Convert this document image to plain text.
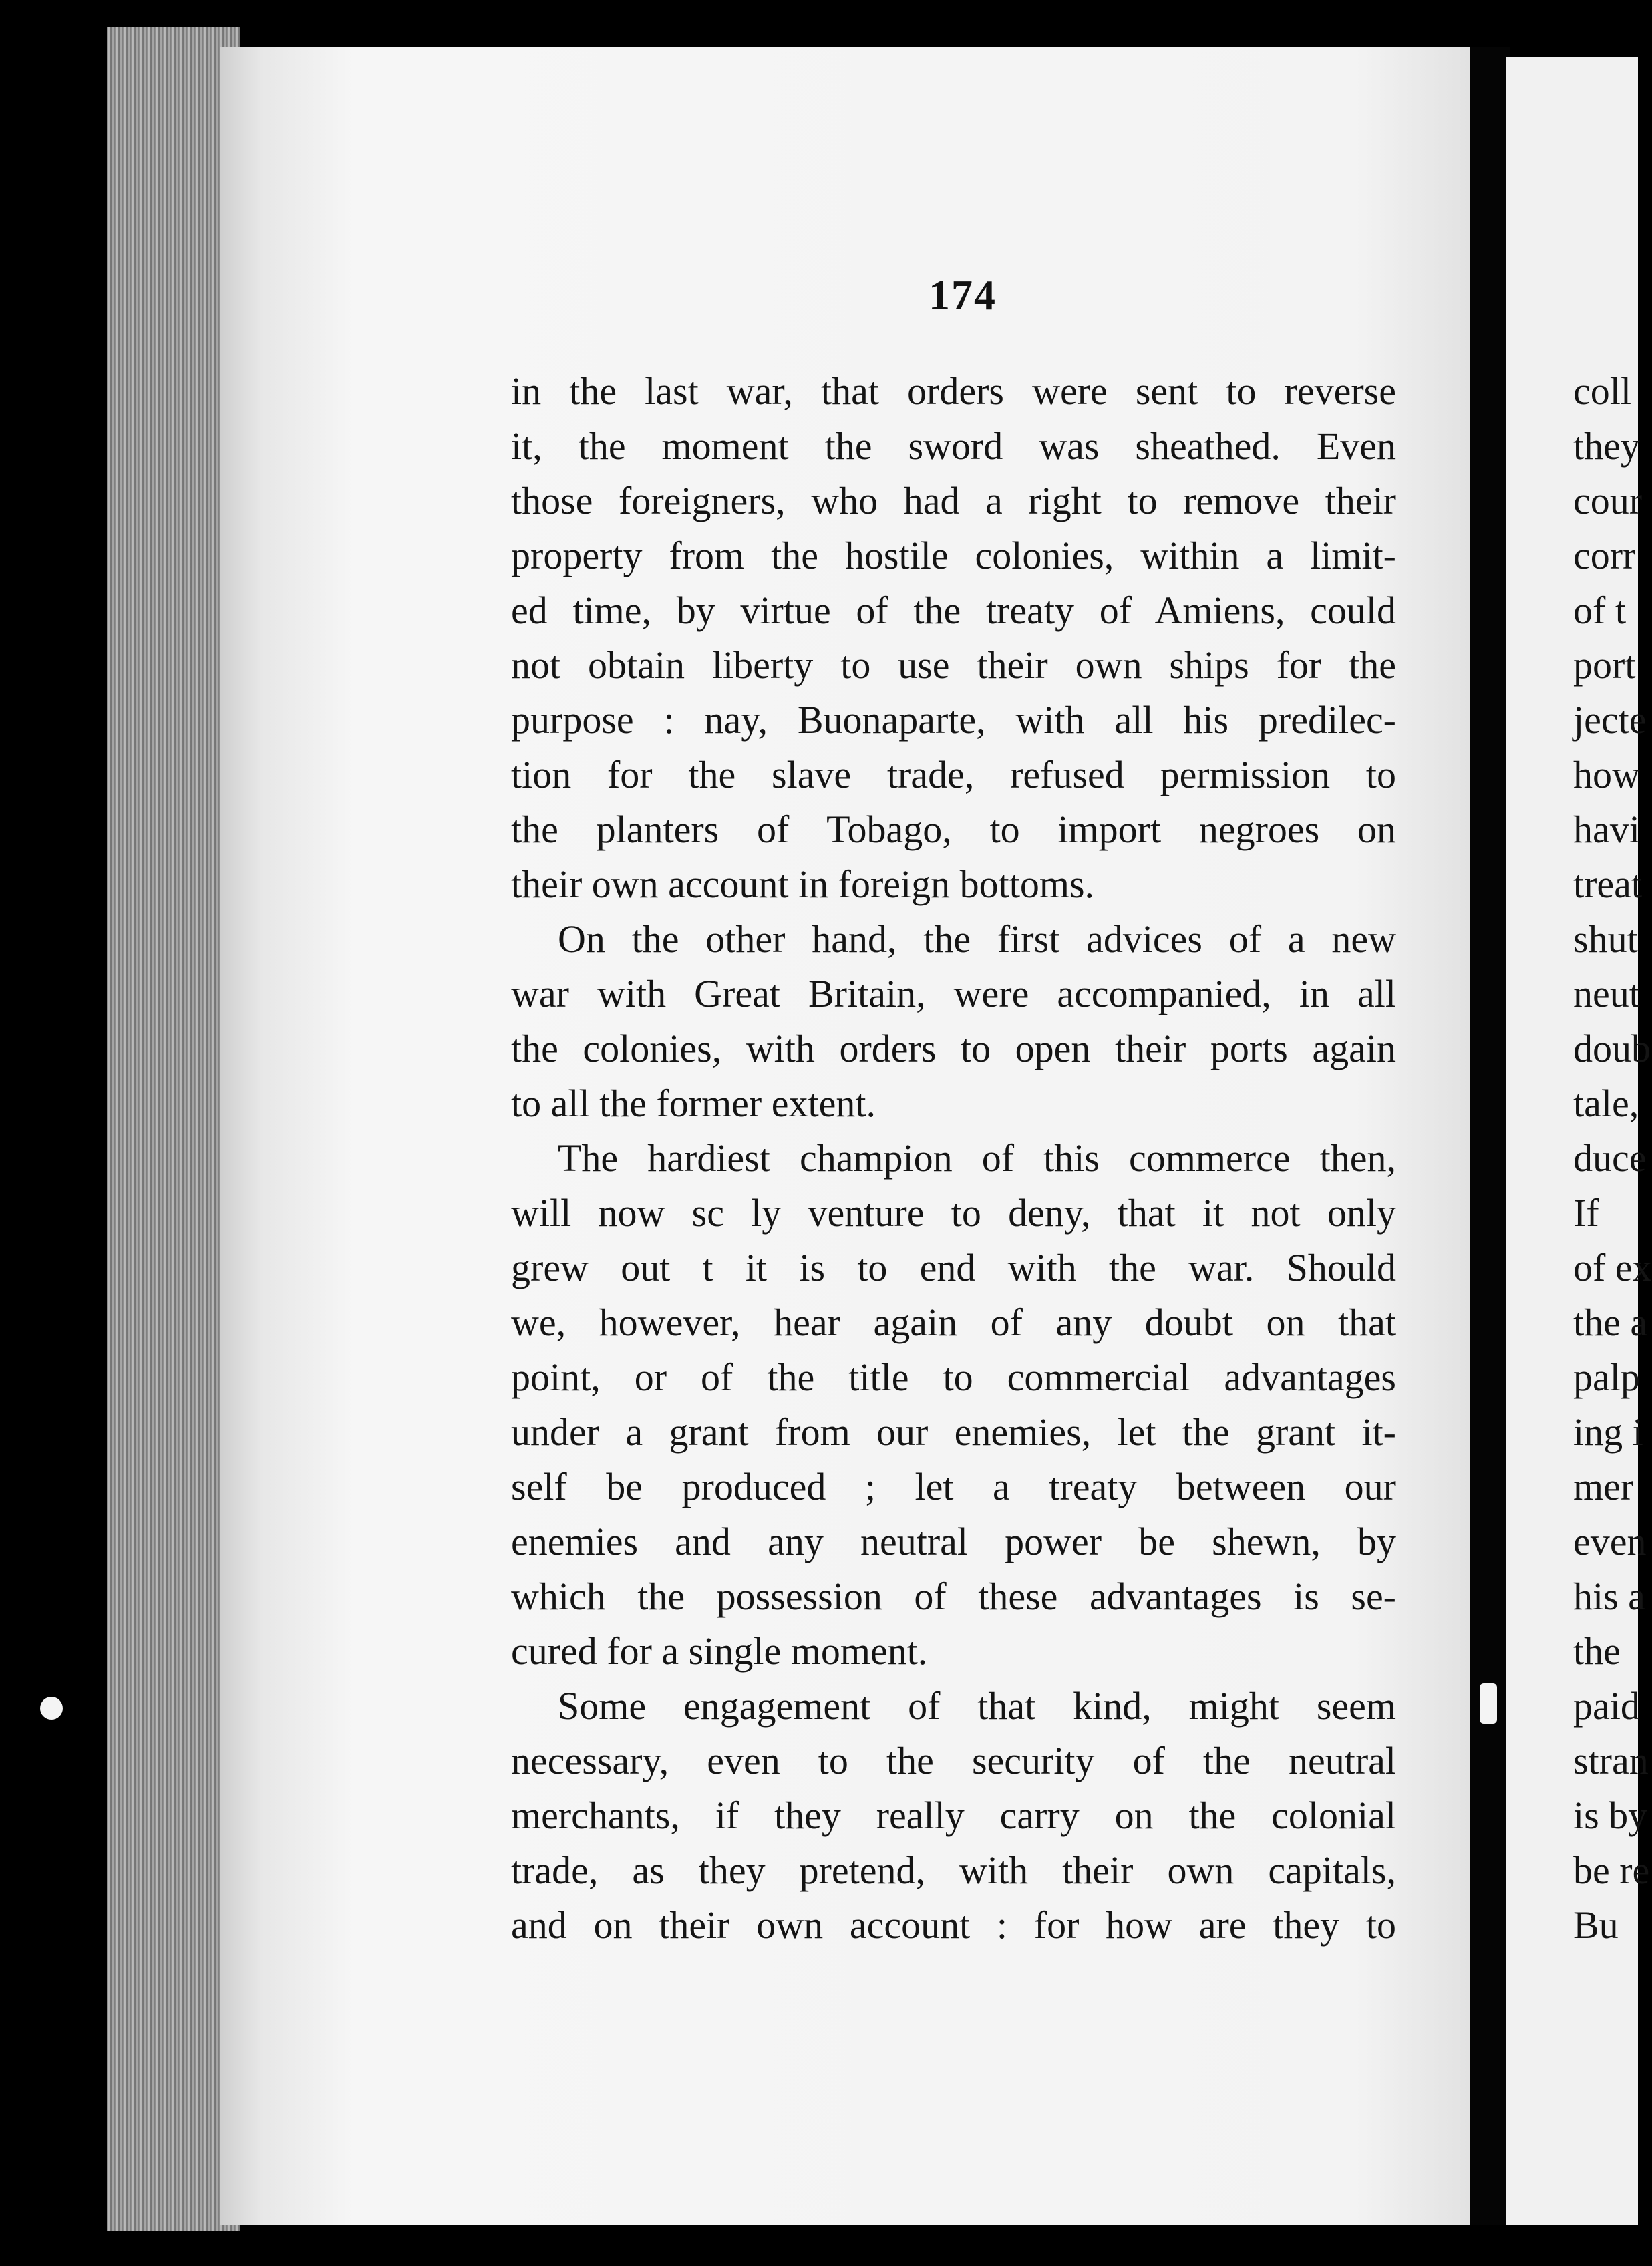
174
in the last war, that orders were sent to reverse
it, the moment the sword was sheathed. Even
those foreigners, who had a right to remove their
property from the hostile colonies, within a limit-
ed time, by virtue of the treaty of Amiens, could
not obtain liberty to use their own ships for the
purpose : nay, Buonaparte, with all his predilec-
tion for the slave trade, refused permission to
the planters of Tobago, to import negroes on
their own account in foreign bottoms.
On the other hand, the first advices of a new
war with Great Britain, were accompanied, in all
the colonies, with orders to open their ports again
to all the former extent.
The hardiest champion of this commerce then,
will now sc ly venture to deny, that it not only
grew out t it is to end with the war. Should
we, however, hear again of any doubt on that
point, or of the title to commercial advantages
under a grant from our enemies, let the grant it-
self be produced ; let a treaty between our
enemies and any neutral power be shewn, by
which the possession of these advantages is se-
cured for a single moment.
Some engagement of that kind, might seem
necessary, even to the security of the neutral
merchants, if they really carry on the colonial
trade, as they pretend, with their own capitals,
and on their own account : for how are they to
coll
they
cour
corr
of t
port
jecte
how
havi
treat
shut
neut
doub
tale,
duce
If
of ex
the a
palp
ing i
mer
even
his a
the
paid
stran
is by
be re
Bu
